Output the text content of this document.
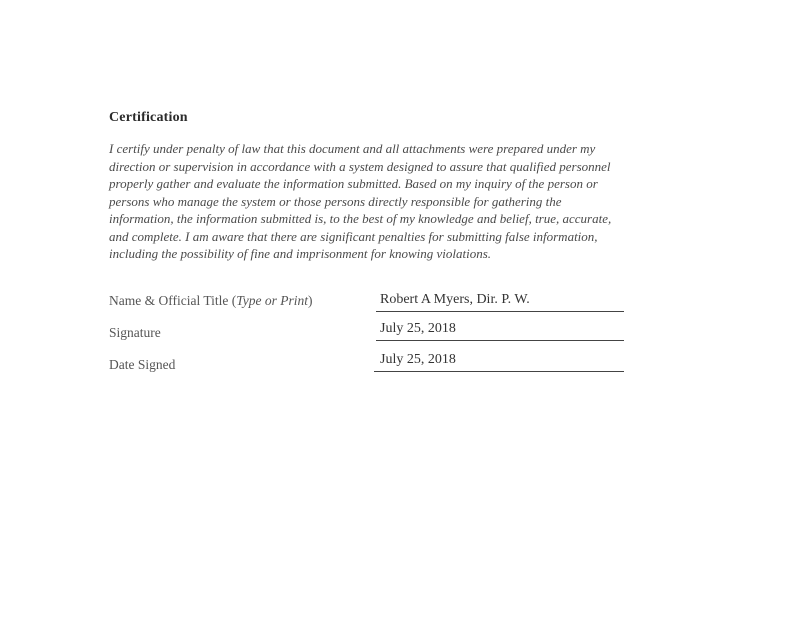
Certification
I certify under penalty of law that this document and all attachments were prepared under my
direction or supervision in accordance with a system designed to assure that qualified personnel
properly gather and evaluate the information submitted. Based on my inquiry of the person or
persons who manage the system or those persons directly responsible for gathering the
information, the information submitted is, to the best of my knowledge and belief, true, accurate,
and complete. I am aware that there are significant penalties for submitting false information,
including the possibility of fine and imprisonment for knowing violations.
Name & Official Title (Type or Print)	Robert A Myers, Dir. P. W.
Signature	July 25, 2018
Date Signed	July 25, 2018
